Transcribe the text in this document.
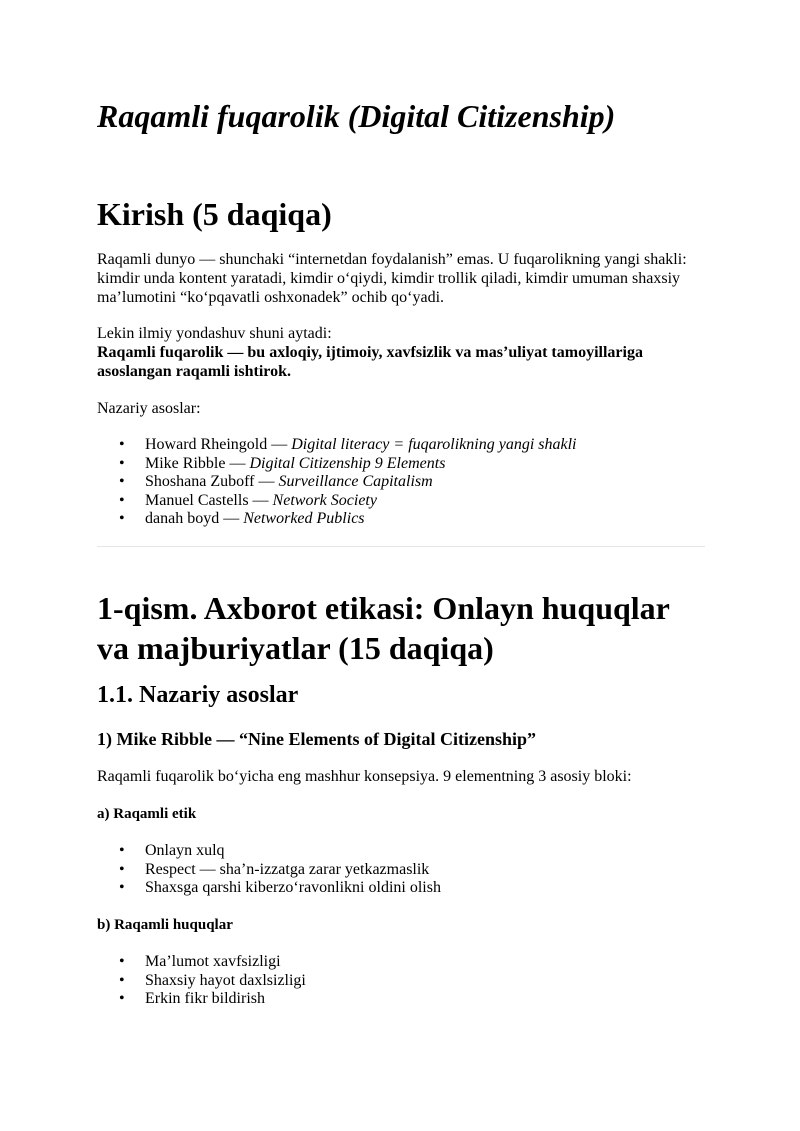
Raqamli fuqarolik (Digital Citizenship)
Kirish (5 daqiqa)
Raqamli dunyo — shunchaki “internetdan foydalanish” emas. U fuqarolikning yangi shakli:
kimdir unda kontent yaratadi, kimdir oʻqiydi, kimdir trollik qiladi, kimdir umuman shaxsiy
ma’lumotini “koʻpqavatli oshxonadek” ochib qoʻyadi.
Lekin ilmiy yondashuv shuni aytadi:
Raqamli fuqarolik — bu axloqiy, ijtimoiy, xavfsizlik va mas’uliyat tamoyillariga
asoslangan raqamli ishtirok.
Nazariy asoslar:
• Howard Rheingold — Digital literacy = fuqarolikning yangi shakli
• Mike Ribble — Digital Citizenship 9 Elements
• Shoshana Zuboff — Surveillance Capitalism
• Manuel Castells — Network Society
• danah boyd — Networked Publics
1-qism. Axborot etikasi: Onlayn huquqlar
va majburiyatlar (15 daqiqa)
1.1. Nazariy asoslar
1) Mike Ribble — “Nine Elements of Digital Citizenship”
Raqamli fuqarolik boʻyicha eng mashhur konsepsiya. 9 elementning 3 asosiy bloki:
a) Raqamli etik
• Onlayn xulq
• Respect — sha’n-izzatga zarar yetkazmaslik
• Shaxsga qarshi kiberzoʻravonlikni oldini olish
b) Raqamli huquqlar
• Ma’lumot xavfsizligi
• Shaxsiy hayot daxlsizligi
• Erkin fikr bildirish
